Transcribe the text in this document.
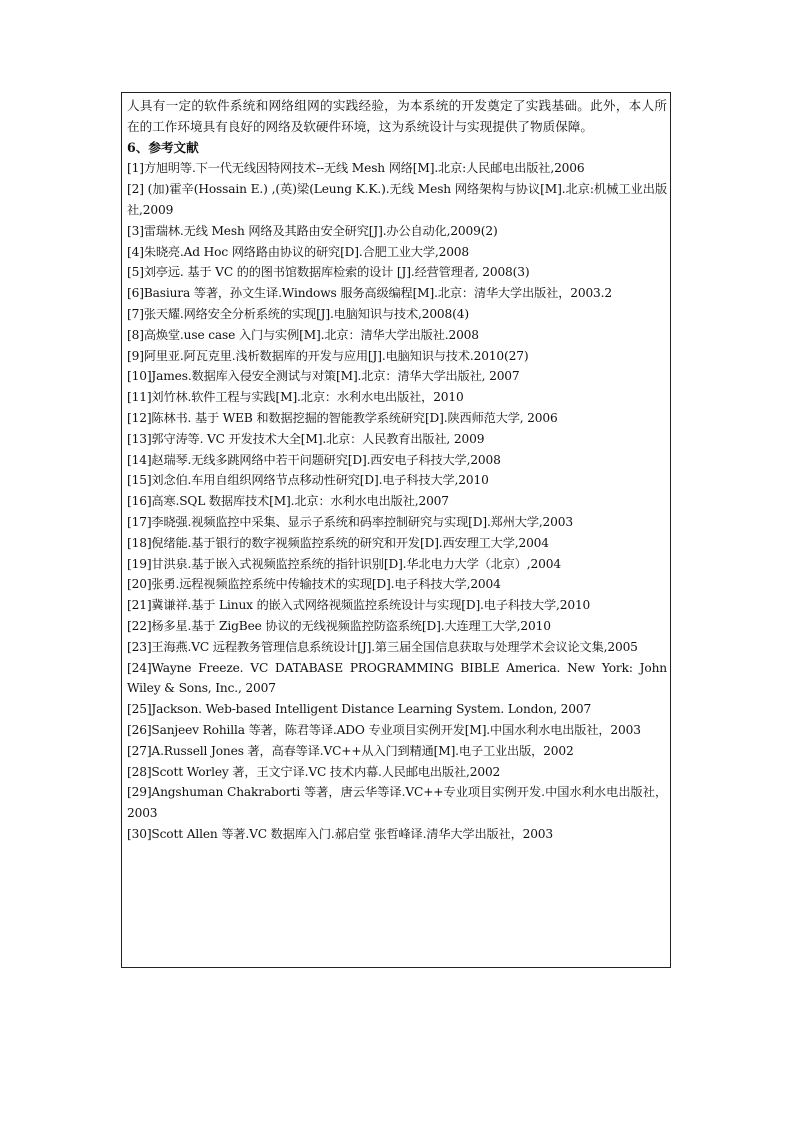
人具有一定的软件系统和网络组网的实践经验，为本系统的开发奠定了实践基础。此外，本人所在的工作环境具有良好的网络及软硬件环境，这为系统设计与实现提供了物质保障。

6、参考文献

[1]方旭明等.下一代无线因特网技术--无线 Mesh 网络[M].北京:人民邮电出版社,2006
[2] (加)霍辛(Hossain E.) ,(英)梁(Leung K.K.).无线 Mesh 网络架构与协议[M].北京:机械工业出版社,2009
[3]雷瑞林.无线 Mesh 网络及其路由安全研究[J].办公自动化,2009(2)
[4]朱晓亮.Ad Hoc 网络路由协议的研究[D].合肥工业大学,2008
[5]刘亭远. 基于 VC 的的图书馆数据库检索的设计 [J].经营管理者, 2008(3)
[6]Basiura 等著，孙文生译.Windows 服务高级编程[M].北京：清华大学出版社，2003.2
[7]张天耀.网络安全分析系统的实现[J].电脑知识与技术,2008(4)
[8]高焕堂.use case 入门与实例[M].北京：清华大学出版社.2008
[9]阿里亚.阿瓦克里.浅析数据库的开发与应用[J].电脑知识与技术.2010(27)
[10]James.数据库入侵安全测试与对策[M].北京：清华大学出版社, 2007
[11]刘竹林.软件工程与实践[M].北京：水利水电出版社，2010
[12]陈林书. 基于 WEB 和数据挖掘的智能教学系统研究[D].陕西师范大学, 2006
[13]郭守涛等. VC 开发技术大全[M].北京：人民教育出版社, 2009
[14]赵瑞琴.无线多跳网络中若干问题研究[D].西安电子科技大学,2008
[15]刘念伯.车用自组织网络节点移动性研究[D].电子科技大学,2010
[16]高寒.SQL 数据库技术[M].北京：水利水电出版社,2007
[17]李晓强.视频监控中采集、显示子系统和码率控制研究与实现[D].郑州大学,2003
[18]倪绪能.基于银行的数字视频监控系统的研究和开发[D].西安理工大学,2004
[19]甘洪泉.基于嵌入式视频监控系统的指针识别[D].华北电力大学（北京）,2004
[20]张勇.远程视频监控系统中传输技术的实现[D].电子科技大学,2004
[21]冀谦祥.基于 Linux 的嵌入式网络视频监控系统设计与实现[D].电子科技大学,2010
[22]杨多星.基于 ZigBee 协议的无线视频监控防盗系统[D].大连理工大学,2010
[23]王海燕.VC 远程教务管理信息系统设计[J].第三届全国信息获取与处理学术会议论文集,2005
[24]Wayne Freeze. VC DATABASE PROGRAMMING BIBLE America. New York: John Wiley & Sons, Inc., 2007
[25]Jackson. Web-based Intelligent Distance Learning System. London, 2007
[26]Sanjeev Rohilla 等著，陈君等译.ADO 专业项目实例开发[M].中国水利水电出版社，2003
[27]A.Russell Jones 著，高春等译.VC++从入门到精通[M].电子工业出版，2002
[28]Scott Worley 著，王文宁译.VC 技术内幕.人民邮电出版社,2002
[29]Angshuman Chakraborti 等著，唐云华等译.VC++专业项目实例开发.中国水利水电出版社，2003
[30]Scott Allen 等著.VC 数据库入门.郝启堂 张哲峰译.清华大学出版社，2003
